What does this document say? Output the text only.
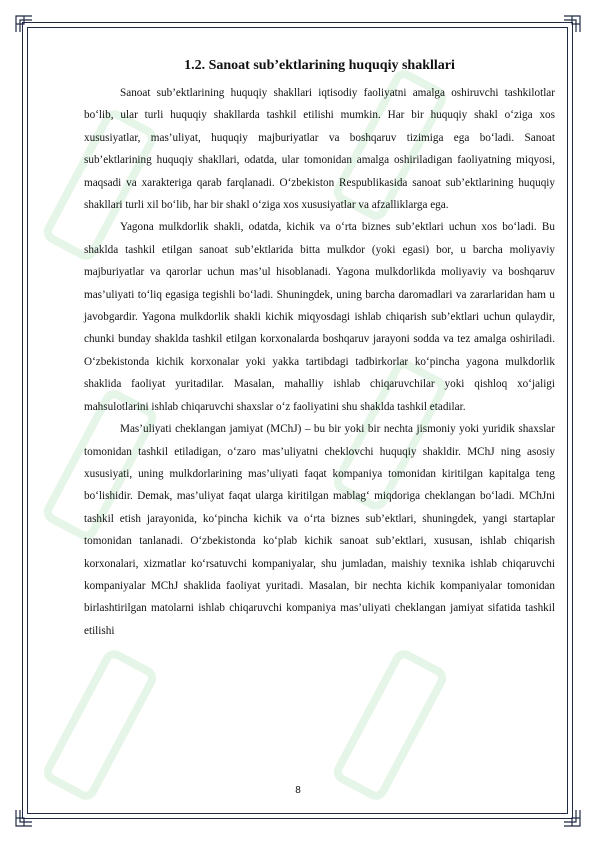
1.2. Sanoat sub’ektlarining huquqiy shakllari

Sanoat sub’ektlarining huquqiy shakllari iqtisodiy faoliyatni amalga oshiruvchi tashkilotlar bo‘lib, ular turli huquqiy shakllarda tashkil etilishi mumkin. Har bir huquqiy shakl o‘ziga xos xususiyatlar, mas’uliyat, huquqiy majburiyatlar va boshqaruv tizimiga ega bo‘ladi. Sanoat sub’ektlarining huquqiy shakllari, odatda, ular tomonidan amalga oshiriladigan faoliyatning miqyosi, maqsadi va xarakteriga qarab farqlanadi. O‘zbekiston Respublikasida sanoat sub’ektlarining huquqiy shakllari turli xil bo‘lib, har bir shakl o‘ziga xos xususiyatlar va afzalliklarga ega.

Yagona mulkdorlik shakli, odatda, kichik va o‘rta biznes sub’ektlari uchun xos bo‘ladi. Bu shaklda tashkil etilgan sanoat sub’ektlarida bitta mulkdor (yoki egasi) bor, u barcha moliyaviy majburiyatlar va qarorlar uchun mas’ul hisoblanadi. Yagona mulkdorlikda moliyaviy va boshqaruv mas’uliyati to‘liq egasiga tegishli bo‘ladi. Shuningdek, uning barcha daromadlari va zararlaridan ham u javobgardir. Yagona mulkdorlik shakli kichik miqyosdagi ishlab chiqarish sub’ektlari uchun qulaydir, chunki bunday shaklda tashkil etilgan korxonalarda boshqaruv jarayoni sodda va tez amalga oshiriladi. O‘zbekistonda kichik korxonalar yoki yakka tartibdagi tadbirkorlar ko‘pincha yagona mulkdorlik shaklida faoliyat yuritadilar. Masalan, mahalliy ishlab chiqaruvchilar yoki qishloq xo‘jaligi mahsulotlarini ishlab chiqaruvchi shaxslar o‘z faoliyatini shu shaklda tashkil etadilar.

Mas’uliyati cheklangan jamiyat (MChJ) – bu bir yoki bir nechta jismoniy yoki yuridik shaxslar tomonidan tashkil etiladigan, o‘zaro mas’uliyatni cheklovchi huquqiy shakldir. MChJ ning asosiy xususiyati, uning mulkdorlarining mas’uliyati faqat kompaniya tomonidan kiritilgan kapitalga teng bo‘lishidir. Demak, mas’uliyat faqat ularga kiritilgan mablag‘ miqdoriga cheklangan bo‘ladi. MChJni tashkil etish jarayonida, ko‘pincha kichik va o‘rta biznes sub’ektlari, shuningdek, yangi startaplar tomonidan tanlanadi. O‘zbekistonda ko‘plab kichik sanoat sub’ektlari, xususan, ishlab chiqarish korxonalari, xizmatlar ko‘rsatuvchi kompaniyalar, shu jumladan, maishiy texnika ishlab chiqaruvchi kompaniyalar MChJ shaklida faoliyat yuritadi. Masalan, bir nechta kichik kompaniyalar tomonidan birlashtirilgan matolarni ishlab chiqaruvchi kompaniya mas’uliyati cheklangan jamiyat sifatida tashkil etilishi

8
